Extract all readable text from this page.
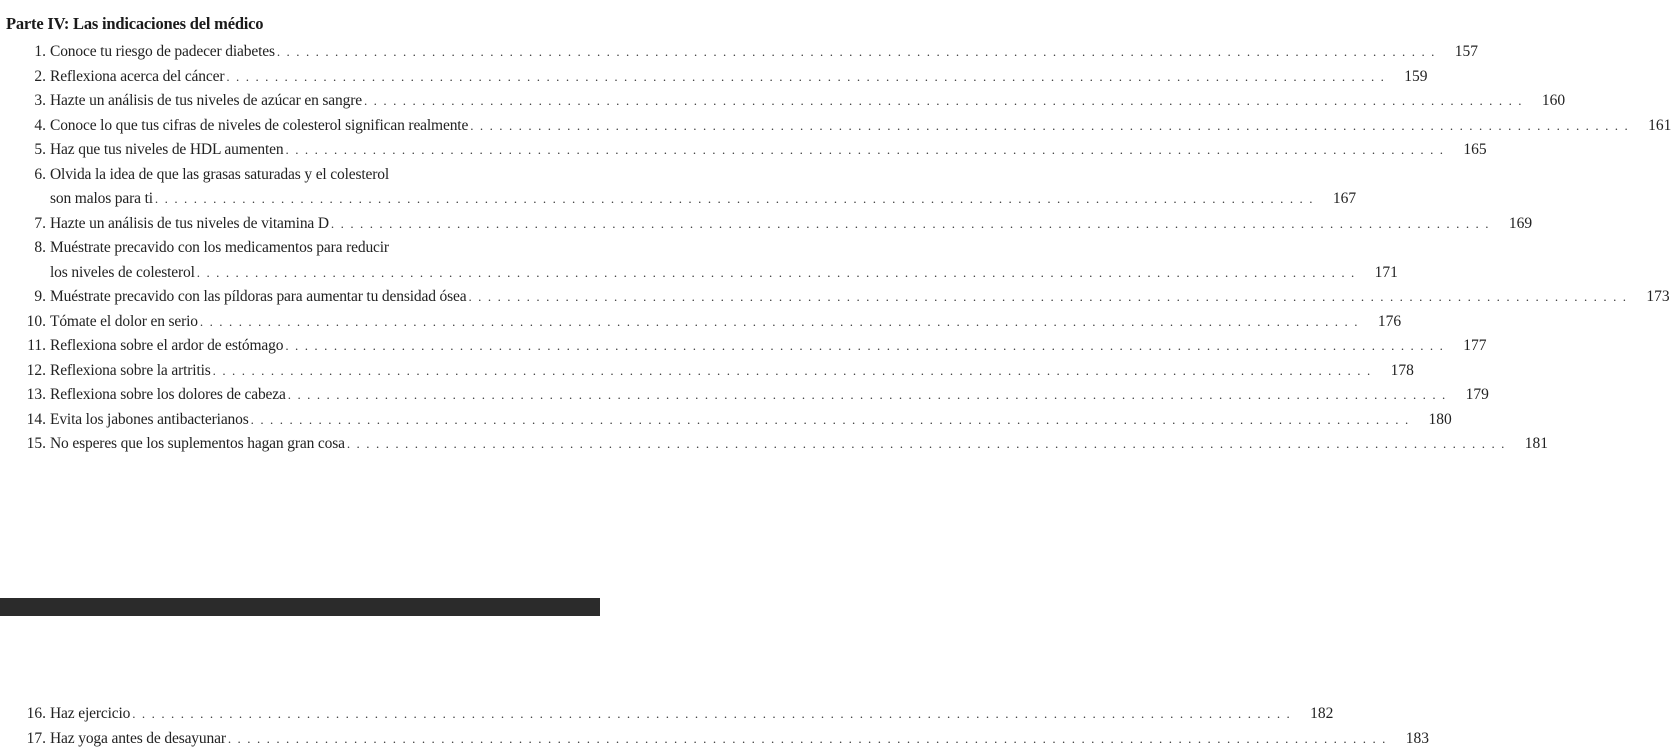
Parte IV: Las indicaciones del médico
1. Conoce tu riesgo de padecer diabetes . . . . . . . . . . . . . . . . . . . . . . . . . . . . . . . . . . . . . . . . . . . . . . . . . . . . . . . . . . . . . . . . . . . . . . . . . . . . . . . . . . . . . . . . . . . . . . . . . . . . . . . . . . . . . . . . . . . . . . . .	157
2. Reflexiona acerca del cáncer . . . . . . . . . . . . . . . . . . . . . . . . . . . . . . . . . . . . . . . . . . . . . . . . . . . . . . . . . . . . . . . . . . . . . . . . . . . . . . . . . . . . . . . . . . . . . . . . . . . . . . . . . . . . . . . . . . . . . . . .	159
3. Hazte un análisis de tus niveles de azúcar en sangre . . . . . . . . . . . . . . . . . . . . . . . . . . . . . . . . . . . . . . . . . . . . . . . . . . . . . . . . . . . . . . . . . . . . . . . . . . . . . . . . . . . . . . . . . . . . . . . . . . . . . . . . . . . . . . . . . . . . . . . .	160
4. Conoce lo que tus cifras de niveles de colesterol significan realmente . . . . . . . . . . . . . . . . . . . . . . . . . . . . . . . . . . . . . . . . . . . . . . . . . . . . . . . . . . . . . . . . . . . . . . . . . . . . . . . . . . . . . . . . . . . . . . . . . . . . . . . . . . . . . . . . . . . . . . . .	161
5. Haz que tus niveles de HDL aumenten . . . . . . . . . . . . . . . . . . . . . . . . . . . . . . . . . . . . . . . . . . . . . . . . . . . . . . . . . . . . . . . . . . . . . . . . . . . . . . . . . . . . . . . . . . . . . . . . . . . . . . . . . . . . . . . . . . . . . . . .	165
6. Olvida la idea de que las grasas saturadas y el colesterol
son malos para ti . . . . . . . . . . . . . . . . . . . . . . . . . . . . . . . . . . . . . . . . . . . . . . . . . . . . . . . . . . . . . . . . . . . . . . . . . . . . . . . . . . . . . . . . . . . . . . . . . . . . . . . . . . . . . . . . . . . . . . . .	167
7. Hazte un análisis de tus niveles de vitamina D . . . . . . . . . . . . . . . . . . . . . . . . . . . . . . . . . . . . . . . . . . . . . . . . . . . . . . . . . . . . . . . . . . . . . . . . . . . . . . . . . . . . . . . . . . . . . . . . . . . . . . . . . . . . . . . . . . . . . . . .	169
8. Muéstrate precavido con los medicamentos para reducir
los niveles de colesterol . . . . . . . . . . . . . . . . . . . . . . . . . . . . . . . . . . . . . . . . . . . . . . . . . . . . . . . . . . . . . . . . . . . . . . . . . . . . . . . . . . . . . . . . . . . . . . . . . . . . . . . . . . . . . . . . . . . . . . . .	171
9. Muéstrate precavido con las píldoras para aumentar tu densidad ósea . . . . . . . . . . . . . . . . . . . . . . . . . . . . . . . . . . . . . . . . . . . . . . . . . . . . . . . . . . . . . . . . . . . . . . . . . . . . . . . . . . . . . . . . . . . . . . . . . . . . . . . . . . . . . . . . . . . . . . . .	173
10. Tómate el dolor en serio . . . . . . . . . . . . . . . . . . . . . . . . . . . . . . . . . . . . . . . . . . . . . . . . . . . . . . . . . . . . . . . . . . . . . . . . . . . . . . . . . . . . . . . . . . . . . . . . . . . . . . . . . . . . . . . . . . . . . . . .	176
11. Reflexiona sobre el ardor de estómago . . . . . . . . . . . . . . . . . . . . . . . . . . . . . . . . . . . . . . . . . . . . . . . . . . . . . . . . . . . . . . . . . . . . . . . . . . . . . . . . . . . . . . . . . . . . . . . . . . . . . . . . . . . . . . . . . . . . . . . .	177
12. Reflexiona sobre la artritis . . . . . . . . . . . . . . . . . . . . . . . . . . . . . . . . . . . . . . . . . . . . . . . . . . . . . . . . . . . . . . . . . . . . . . . . . . . . . . . . . . . . . . . . . . . . . . . . . . . . . . . . . . . . . . . . . . . . . . . .	178
13. Reflexiona sobre los dolores de cabeza . . . . . . . . . . . . . . . . . . . . . . . . . . . . . . . . . . . . . . . . . . . . . . . . . . . . . . . . . . . . . . . . . . . . . . . . . . . . . . . . . . . . . . . . . . . . . . . . . . . . . . . . . . . . . . . . . . . . . . . .	179
14. Evita los jabones antibacterianos . . . . . . . . . . . . . . . . . . . . . . . . . . . . . . . . . . . . . . . . . . . . . . . . . . . . . . . . . . . . . . . . . . . . . . . . . . . . . . . . . . . . . . . . . . . . . . . . . . . . . . . . . . . . . . . . . . . . . . . .	180
15. No esperes que los suplementos hagan gran cosa . . . . . . . . . . . . . . . . . . . . . . . . . . . . . . . . . . . . . . . . . . . . . . . . . . . . . . . . . . . . . . . . . . . . . . . . . . . . . . . . . . . . . . . . . . . . . . . . . . . . . . . . . . . . . . . . . . . . . . . .	181
16. Haz ejercicio . . . . . . . . . . . . . . . . . . . . . . . . . . . . . . . . . . . . . . . . . . . . . . . . . . . . . . . . . . . . . . . . . . . . . . . . . . . . . . . . . . . . . . . . . . . . . . . . . . . . . . . . . . . . . . . . . . . . . . . .	182
17. Haz yoga antes de desayunar . . . . . . . . . . . . . . . . . . . . . . . . . . . . . . . . . . . . . . . . . . . . . . . . . . . . . . . . . . . . . . . . . . . . . . . . . . . . . . . . . . . . . . . . . . . . . . . . . . . . . . . . . . . . . . . . . . . . . . . .	183
